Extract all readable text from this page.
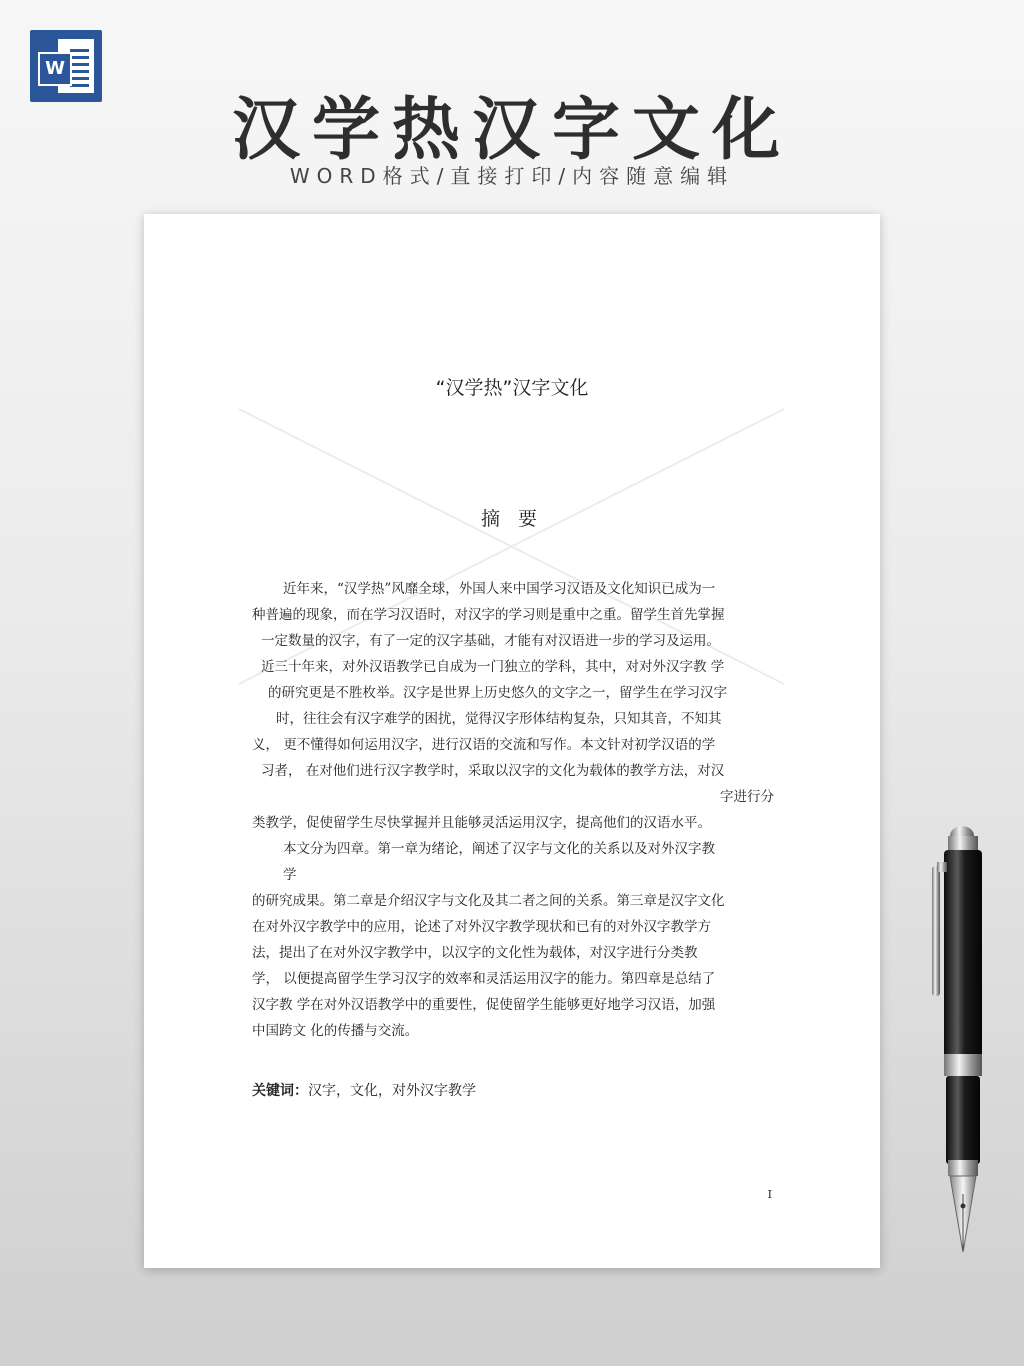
W
汉学热汉字文化
WORD格式/直接打印/内容随意编辑
“汉学热”汉字文化
摘 要
近年来，“汉学热”风靡全球，外国人来中国学习汉语及文化知识已成为一
种普遍的现象，而在学习汉语时，对汉字的学习则是重中之重。留学生首先掌握
一定数量的汉字，有了一定的汉字基础，才能有对汉语进一步的学习及运用。
近三十年来，对外汉语教学已自成为一门独立的学科，其中，对对外汉字教 学
的研究更是不胜枚举。汉字是世界上历史悠久的文字之一，留学生在学习汉字
时，往往会有汉字难学的困扰，觉得汉字形体结构复杂，只知其音，不知其
义， 更不懂得如何运用汉字，进行汉语的交流和写作。本文针对初学汉语的学
习者， 在对他们进行汉字教学时，采取以汉字的文化为载体的教学方法，对汉
字进行分
类教学，促使留学生尽快掌握并且能够灵活运用汉字，提高他们的汉语水平。
本文分为四章。第一章为绪论，阐述了汉字与文化的关系以及对外汉字教
学
的研究成果。第二章是介绍汉字与文化及其二者之间的关系。第三章是汉字文化
在对外汉字教学中的应用，论述了对外汉字教学现状和已有的对外汉字教学方
法，提出了在对外汉字教学中，以汉字的文化性为载体，对汉字进行分类教
学， 以便提高留学生学习汉字的效率和灵活运用汉字的能力。第四章是总结了
汉字教 学在对外汉语教学中的重要性，促使留学生能够更好地学习汉语，加强
中国跨文 化的传播与交流。
关键词：汉字，文化，对外汉字教学
I
